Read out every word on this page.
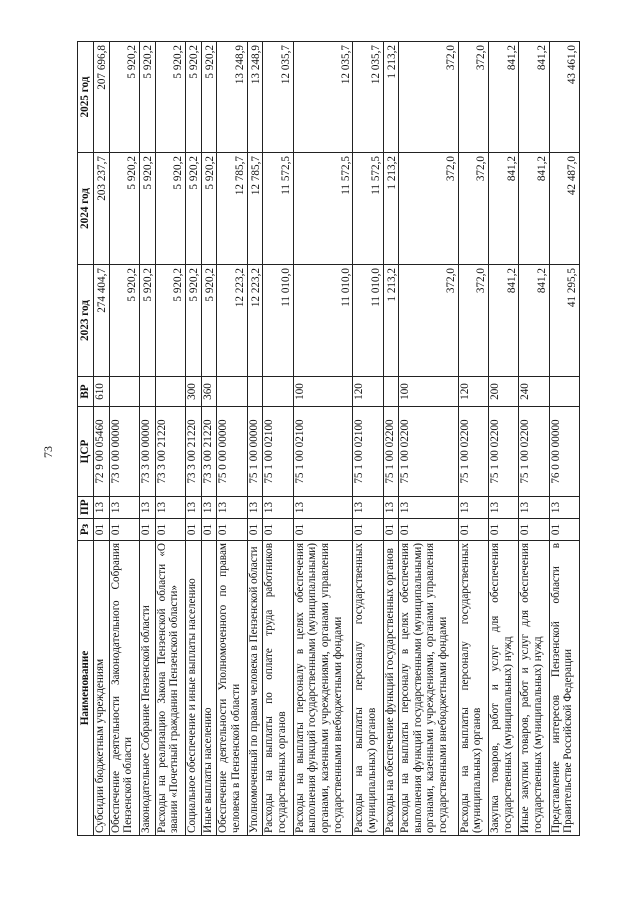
73
Наименование	Рз	ПР	ЦСР	ВР	2023 год	2024 год	2025 год
Субсидии бюджетным учреждениям	01	13	72 9 00 05460	610	274 404,7	203 237,7	207 696,8
Обеспечение деятельности Законодательного Собрания Пензенской области	01	13	73 0 00 00000		5 920,2	5 920,2	5 920,2
Законодательное Собрание Пензенской области	01	13	73 3 00 00000		5 920,2	5 920,2	5 920,2
Расходы на реализацию Закона Пензенской области «О звании «Почетный гражданин Пензенской области»	01	13	73 3 00 21220		5 920,2	5 920,2	5 920,2
Социальное обеспечение и иные выплаты населению	01	13	73 3 00 21220	300	5 920,2	5 920,2	5 920,2
Иные выплаты населению	01	13	73 3 00 21220	360	5 920,2	5 920,2	5 920,2
Обеспечение деятельности Уполномоченного по правам человека в Пензенской области	01	13	75 0 00 00000		12 223,2	12 785,7	13 248,9
Уполномоченный по правам человека в Пензенской области	01	13	75 1 00 00000		12 223,2	12 785,7	13 248,9
Расходы на выплаты по оплате труда работников государственных органов	01	13	75 1 00 02100		11 010,0	11 572,5	12 035,7
Расходы на выплаты персоналу в целях обеспечения выполнения функций государственными (муниципальными) органами, казенными учреждениями, органами управления государственными внебюджетными фондами	01	13	75 1 00 02100	100	11 010,0	11 572,5	12 035,7
Расходы на выплаты персоналу государственных (муниципальных) органов	01	13	75 1 00 02100	120	11 010,0	11 572,5	12 035,7
Расходы на обеспечение функций государственных органов	01	13	75 1 00 02200		1 213,2	1 213,2	1 213,2
Расходы на выплаты персоналу в целях обеспечения выполнения функций государственными (муниципальными) органами, казенными учреждениями, органами управления государственными внебюджетными фондами	01	13	75 1 00 02200	100	372,0	372,0	372,0
Расходы на выплаты персоналу государственных (муниципальных) органов	01	13	75 1 00 02200	120	372,0	372,0	372,0
Закупка товаров, работ и услуг для обеспечения государственных (муниципальных) нужд	01	13	75 1 00 02200	200	841,2	841,2	841,2
Иные закупки товаров, работ и услуг для обеспечения государственных (муниципальных) нужд	01	13	75 1 00 02200	240	841,2	841,2	841,2
Представление интересов Пензенской области в Правительстве Российской Федерации	01	13	76 0 00 00000		41 295,5	42 487,0	43 461,0
